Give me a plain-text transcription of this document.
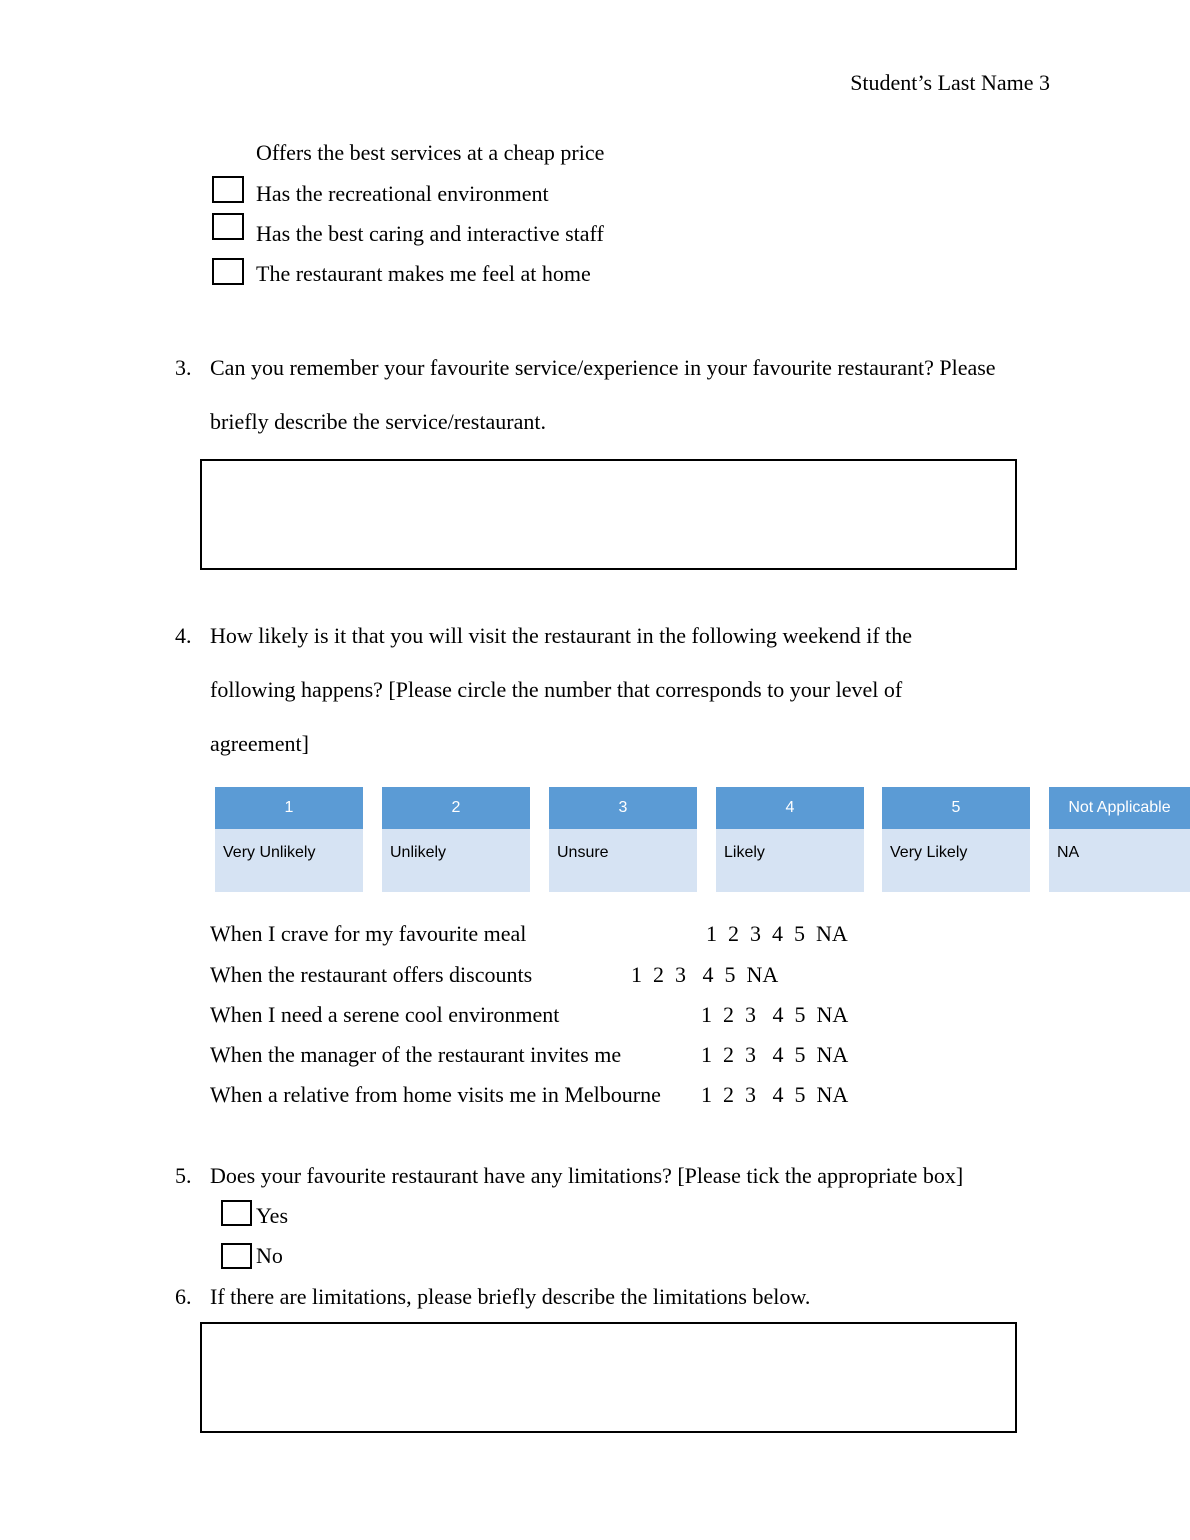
Student’s Last Name 3
Offers the best services at a cheap price
Has the recreational environment
Has the best caring and interactive staff
The restaurant makes me feel at home
3. Can you remember your favourite service/experience in your favourite restaurant? Please
briefly describe the service/restaurant.
4. How likely is it that you will visit the restaurant in the following weekend if the
following happens? [Please circle the number that corresponds to your level of
agreement]
1
Very Unlikely
2
Unlikely
3
Unsure
4
Likely
5
Very Likely
Not Applicable
NA
When I crave for my favourite meal	1  2  3  4  5  NA
When the restaurant offers discounts	1  2  3   4  5  NA
When I need a serene cool environment	1  2  3   4  5  NA
When the manager of the restaurant invites me	1  2  3   4  5  NA
When a relative from home visits me in Melbourne 1  2  3   4  5  NA
5. Does your favourite restaurant have any limitations? [Please tick the appropriate box]
Yes
No
6. If there are limitations, please briefly describe the limitations below.
